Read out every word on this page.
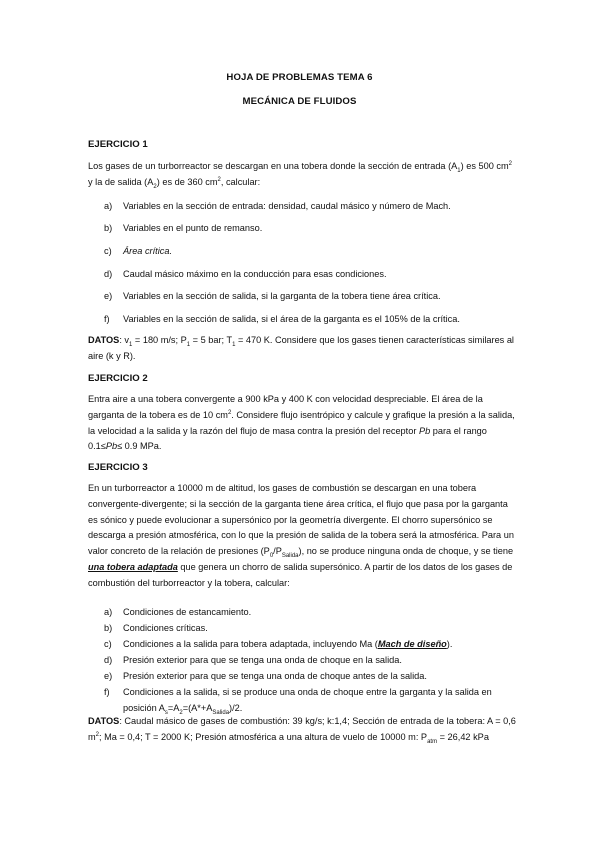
HOJA DE PROBLEMAS TEMA 6
MECÁNICA DE FLUIDOS
EJERCICIO 1
Los gases de un turborreactor se descargan en una tobera donde la sección de entrada $(A_1)$ es 500 $cm^2$ y la de salida $(A_2)$ es de 360 $cm^2$, calcular:
a) Variables en la sección de entrada: densidad, caudal másico y número de Mach.
b) Variables en el punto de remanso.
c) Área crítica.
d) Caudal másico máximo en la conducción para esas condiciones.
e) Variables en la sección de salida, si la garganta de la tobera tiene área crítica.
f) Variables en la sección de salida, si el área de la garganta es el 105% de la crítica.
DATOS: $v_1 = 180$ m/s; $P_1 = 5$ bar; $T_1 = 470$ K. Considere que los gases tienen características similares al aire (k y R).
EJERCICIO 2
Entra aire a una tobera convergente a 900 kPa y 400 K con velocidad despreciable. El área de la garganta de la tobera es de 10 $cm^2$. Considere flujo isentrópico y calcule y grafique la presión a la salida, la velocidad a la salida y la razón del flujo de masa contra la presión del receptor Pb para el rango 0.1≤Pb≤ 0.9 MPa.
EJERCICIO 3
En un turborreactor a 10000 m de altitud, los gases de combustión se descargan en una tobera convergente-divergente; si la sección de la garganta tiene área crítica, el flujo que pasa por la garganta es sónico y puede evolucionar a supersónico por la geometría divergente. El chorro supersónico se descarga a presión atmosférica, con lo que la presión de salida de la tobera será la atmosférica. Para un valor concreto de la relación de presiones $(P_0/P_{Salida})$, no se produce ninguna onda de choque, y se tiene una tobera adaptada que genera un chorro de salida supersónico. A partir de los datos de los gases de combustión del turborreactor y la tobera, calcular:
a) Condiciones de estancamiento.
b) Condiciones críticas.
c) Condiciones a la salida para tobera adaptada, incluyendo Ma (Mach de diseño).
d) Presión exterior para que se tenga una onda de choque en la salida.
e) Presión exterior para que se tenga una onda de choque antes de la salida.
f) Condiciones a la salida, si se produce una onda de choque entre la garganta y la salida en posición $A_s=A_2=(A*+A_{Salida})/2$.
DATOS: Caudal másico de gases de combustión: 39 kg/s; k:1,4; Sección de entrada de la tobera: A = 0,6 $m^2$; Ma = 0,4; T = 2000 K; Presión atmosférica a una altura de vuelo de 10000 m: $P_{atm} = 26,42$ kPa
